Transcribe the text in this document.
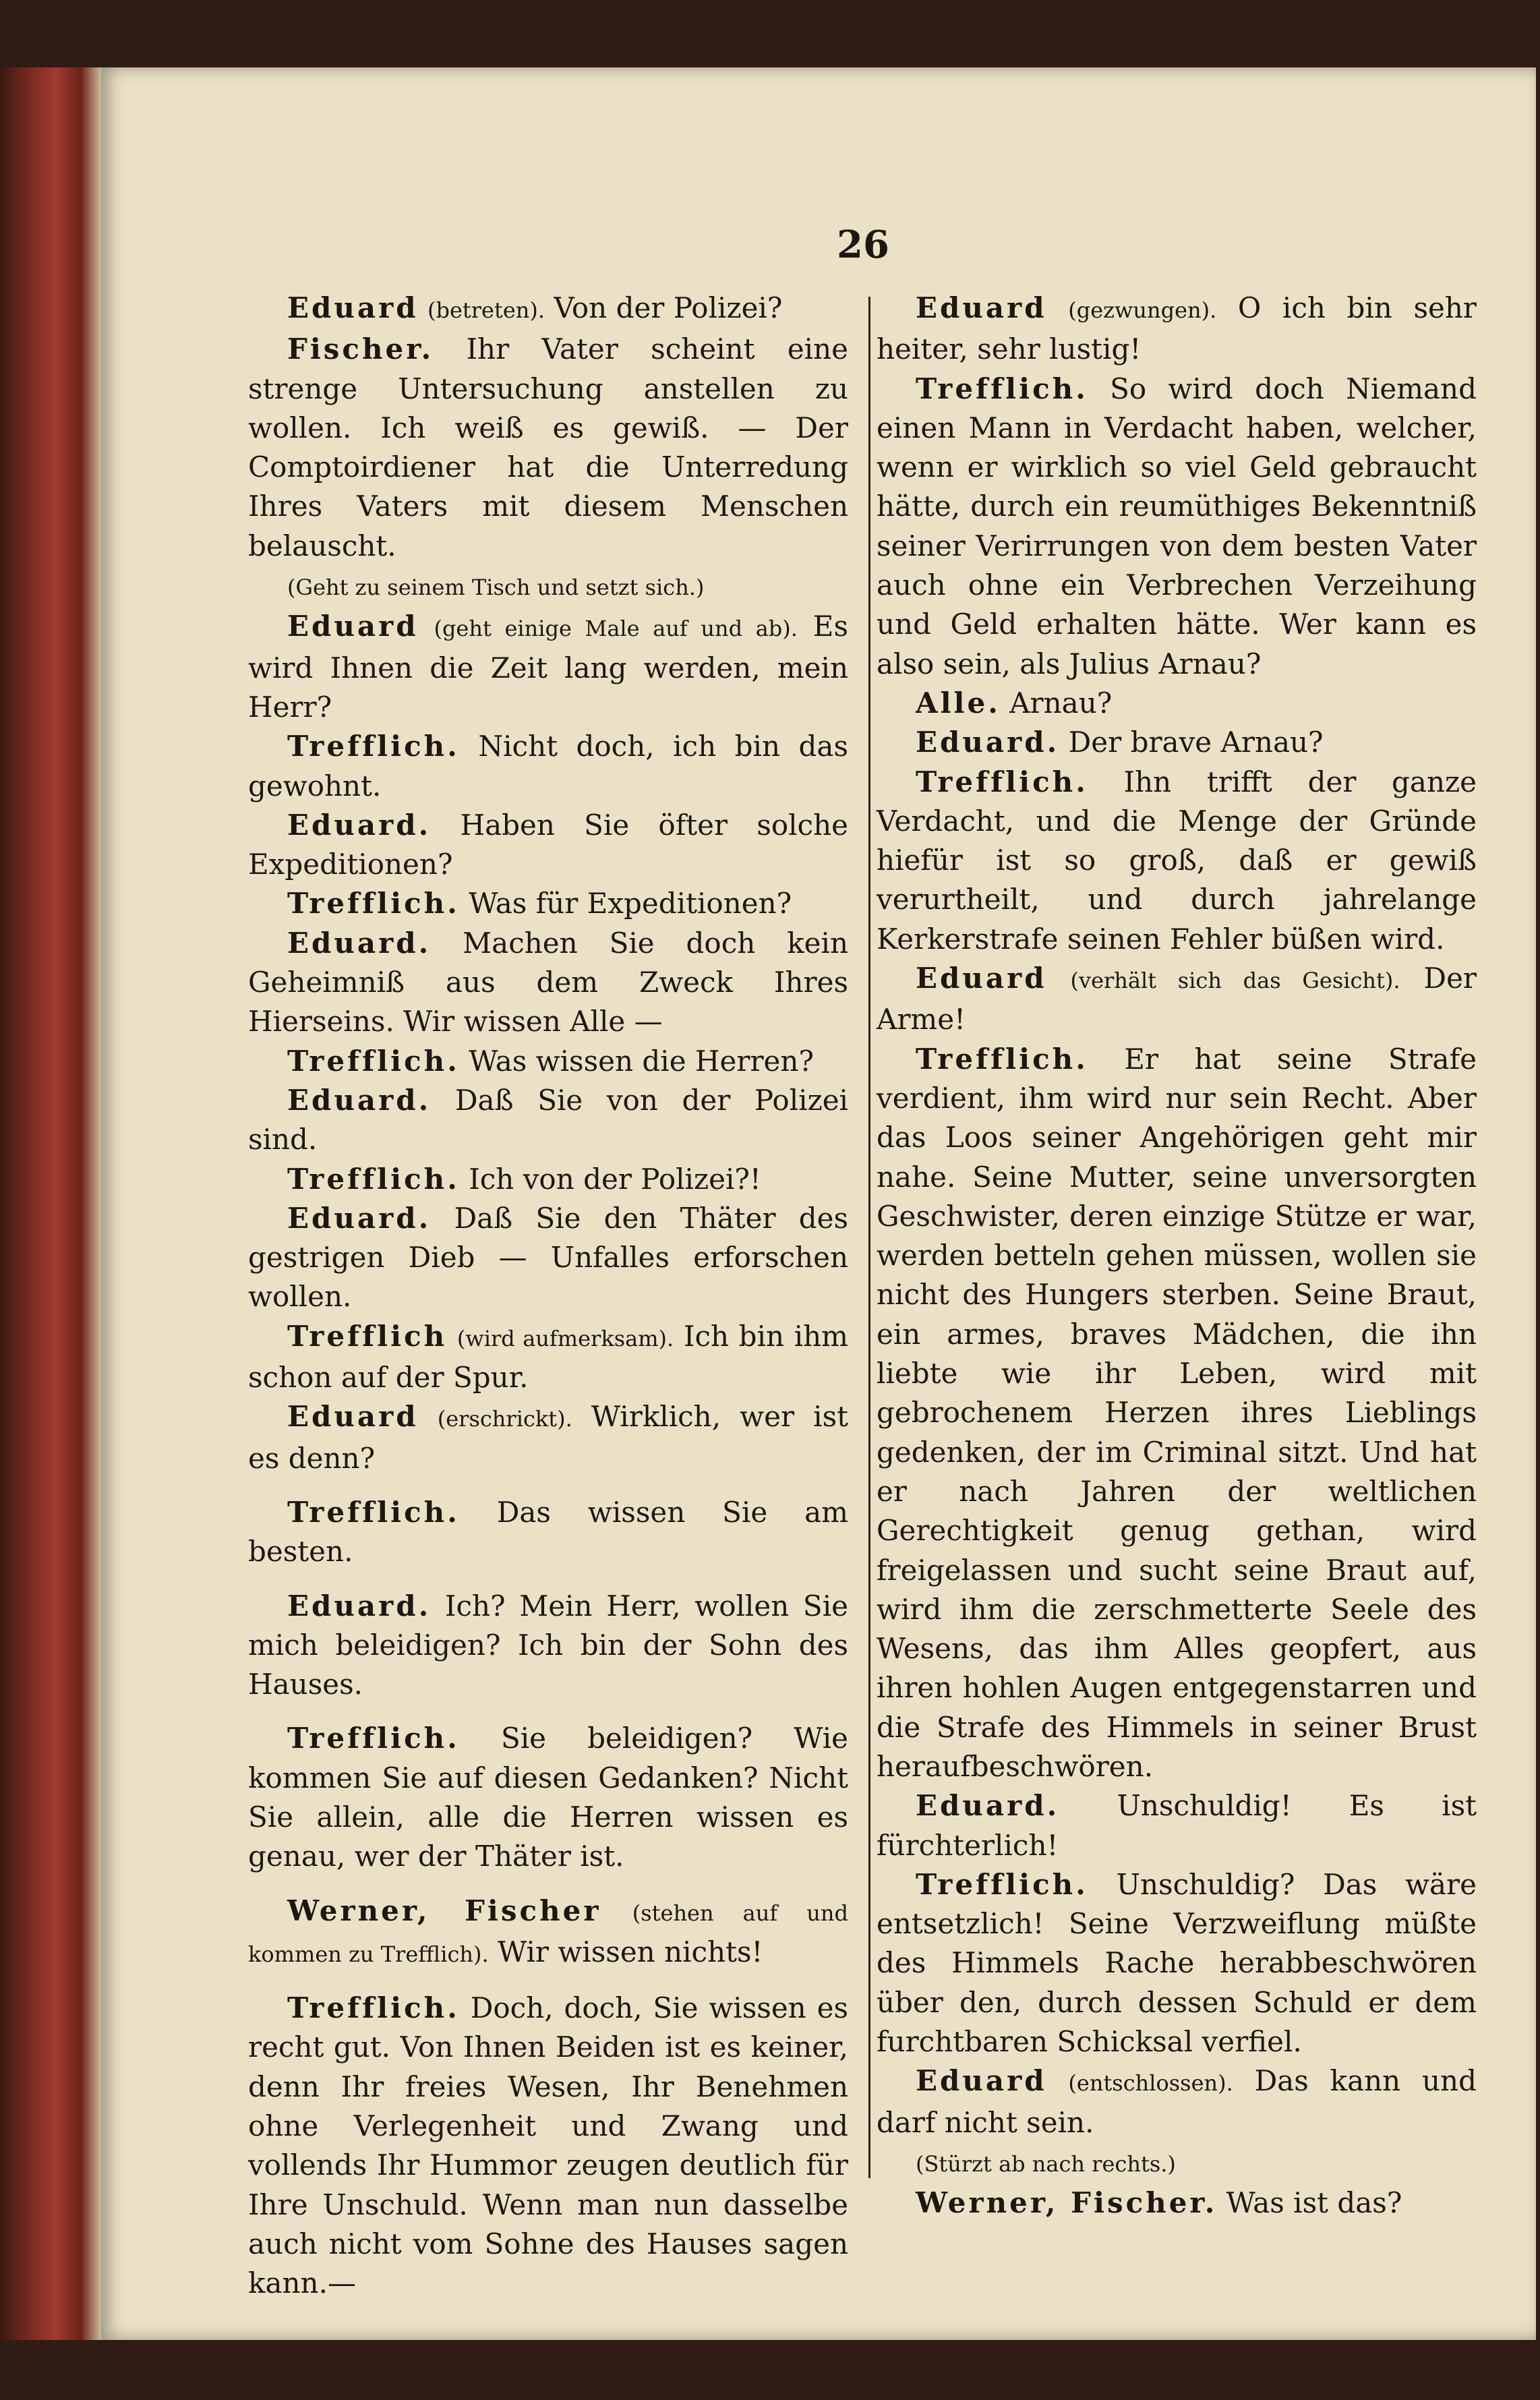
26

Eduard (betreten). Von der Polizei?

Fischer. Ihr Vater scheint eine strenge Untersuchung anstellen zu wollen. Ich weiß es gewiß. — Der Comptoirdiener hat die Unterredung Ihres Vaters mit diesem Menschen belauscht.

(Geht zu seinem Tisch und setzt sich.)

Eduard (geht einige Male auf und ab). Es wird Ihnen die Zeit lang werden, mein Herr?

Trefflich. Nicht doch, ich bin das gewohnt.

Eduard. Haben Sie öfter solche Expeditionen?

Trefflich. Was für Expeditionen?

Eduard. Machen Sie doch kein Geheimniß aus dem Zweck Ihres Hierseins. Wir wissen Alle —

Trefflich. Was wissen die Herren?

Eduard. Daß Sie von der Polizei sind.

Trefflich. Ich von der Polizei?!

Eduard. Daß Sie den Thäter des gestrigen Dieb — Unfalles erforschen wollen.

Trefflich (wird aufmerksam). Ich bin ihm schon auf der Spur.

Eduard (erschrickt). Wirklich, wer ist es denn?

Trefflich. Das wissen Sie am besten.

Eduard. Ich? Mein Herr, wollen Sie mich beleidigen? Ich bin der Sohn des Hauses.

Trefflich. Sie beleidigen? Wie kommen Sie auf diesen Gedanken? Nicht Sie allein, alle die Herren wissen es genau, wer der Thäter ist.

Werner, Fischer (stehen auf und kommen zu Trefflich). Wir wissen nichts!

Trefflich. Doch, doch, Sie wissen es recht gut. Von Ihnen Beiden ist es keiner, denn Ihr freies Wesen, Ihr Benehmen ohne Verlegenheit und Zwang und vollends Ihr Hummor zeugen deutlich für Ihre Unschuld. Wenn man nun dasselbe auch nicht vom Sohne des Hauses sagen kann.—

Eduard (gezwungen). O ich bin sehr heiter, sehr lustig!

Trefflich. So wird doch Niemand einen Mann in Verdacht haben, welcher, wenn er wirklich so viel Geld gebraucht hätte, durch ein reumüthiges Bekenntniß seiner Verirrungen von dem besten Vater auch ohne ein Verbrechen Verzeihung und Geld erhalten hätte. Wer kann es also sein, als Julius Arnau?

Alle. Arnau?

Eduard. Der brave Arnau?

Trefflich. Ihn trifft der ganze Verdacht, und die Menge der Gründe hiefür ist so groß, daß er gewiß verurtheilt, und durch jahrelange Kerkerstrafe seinen Fehler büßen wird.

Eduard (verhält sich das Gesicht). Der Arme!

Trefflich. Er hat seine Strafe verdient, ihm wird nur sein Recht. Aber das Loos seiner Angehörigen geht mir nahe. Seine Mutter, seine unversorgten Geschwister, deren einzige Stütze er war, werden betteln gehen müssen, wollen sie nicht des Hungers sterben. Seine Braut, ein armes, braves Mädchen, die ihn liebte wie ihr Leben, wird mit gebrochenem Herzen ihres Lieblings gedenken, der im Criminal sitzt. Und hat er nach Jahren der weltlichen Gerechtigkeit genug gethan, wird freigelassen und sucht seine Braut auf, wird ihm die zerschmetterte Seele des Wesens, das ihm Alles geopfert, aus ihren hohlen Augen entgegenstarren und die Strafe des Himmels in seiner Brust heraufbeschwören.

Eduard. Unschuldig! Es ist fürchterlich!

Trefflich. Unschuldig? Das wäre entsetzlich! Seine Verzweiflung müßte des Himmels Rache herabbeschwören über den, durch dessen Schuld er dem furchtbaren Schicksal verfiel.

Eduard (entschlossen). Das kann und darf nicht sein.

(Stürzt ab nach rechts.)

Werner, Fischer. Was ist das?
